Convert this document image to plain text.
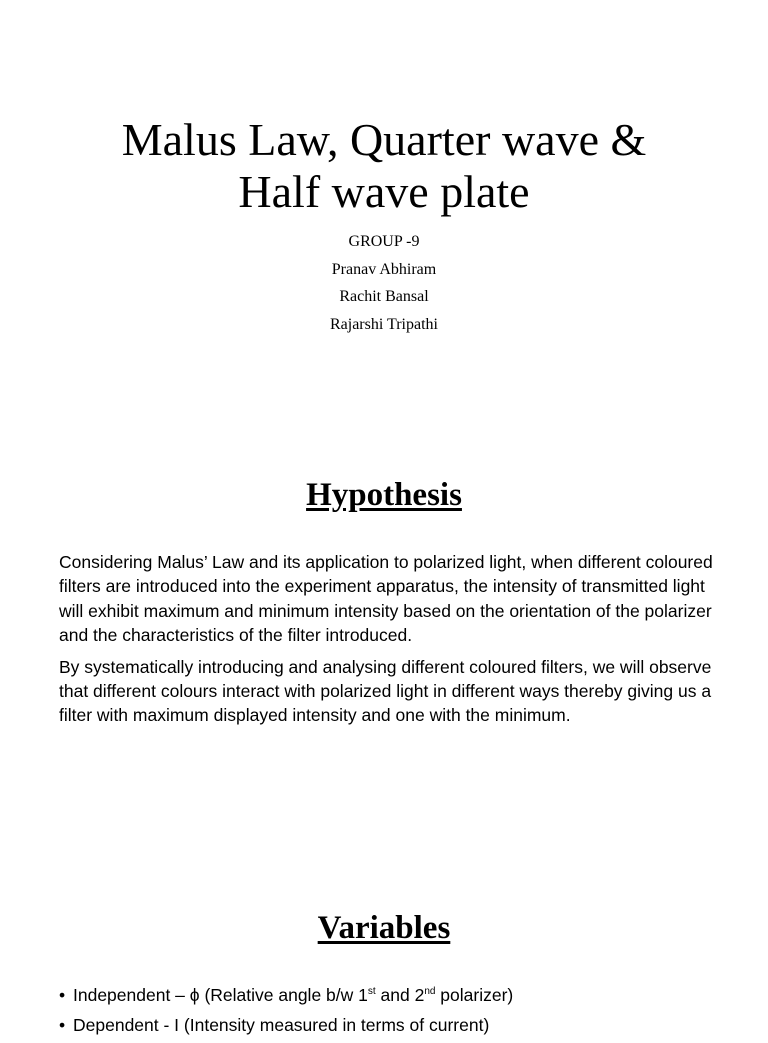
Malus Law, Quarter wave &
Half wave plate
GROUP -9
Pranav Abhiram
Rachit Bansal
Rajarshi Tripathi
Hypothesis

Considering Malus’ Law and its application to polarized light, when different coloured filters are introduced into the experiment apparatus, the intensity of transmitted light will exhibit maximum and minimum intensity based on the orientation of the polarizer and the characteristics of the filter introduced.

By systematically introducing and analysing different coloured filters, we will observe that different colours interact with polarized light in different ways thereby giving us a filter with maximum displayed intensity and one with the minimum.

Variables
• Independent – ϕ (Relative angle b/w 1st and 2nd polarizer)
• Dependent - I (Intensity measured in terms of current)
